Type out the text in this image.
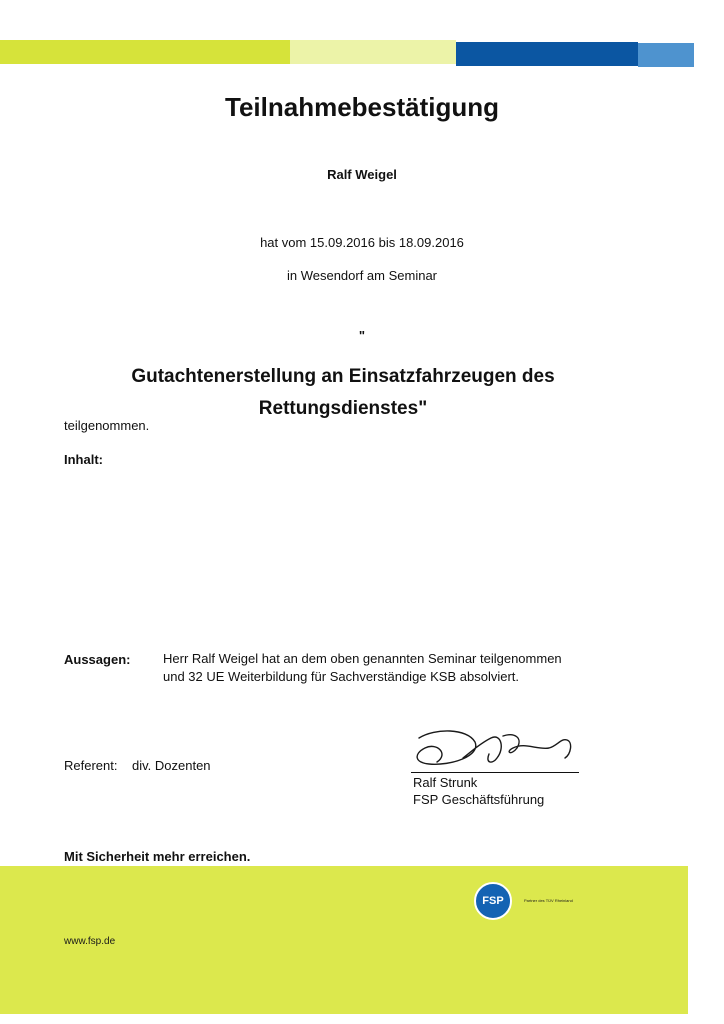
Teilnahmebestätigung

Ralf Weigel

hat vom 15.09.2016 bis 18.09.2016

in Wesendorf am Seminar

"

Gutachtenerstellung an Einsatzfahrzeugen des

Rettungsdienstes"

teilgenommen.

Inhalt:

Aussagen:	Herr Ralf Weigel hat an dem oben genannten Seminar teilgenommen

und 32 UE Weiterbildung für Sachverständige KSB absolviert.

Referent: div. Dozenten

Ralf Strunk

FSP Geschäftsführung

Mit Sicherheit mehr erreichen.

FSP	Partner des TÜV Rheinland

www.fsp.de
